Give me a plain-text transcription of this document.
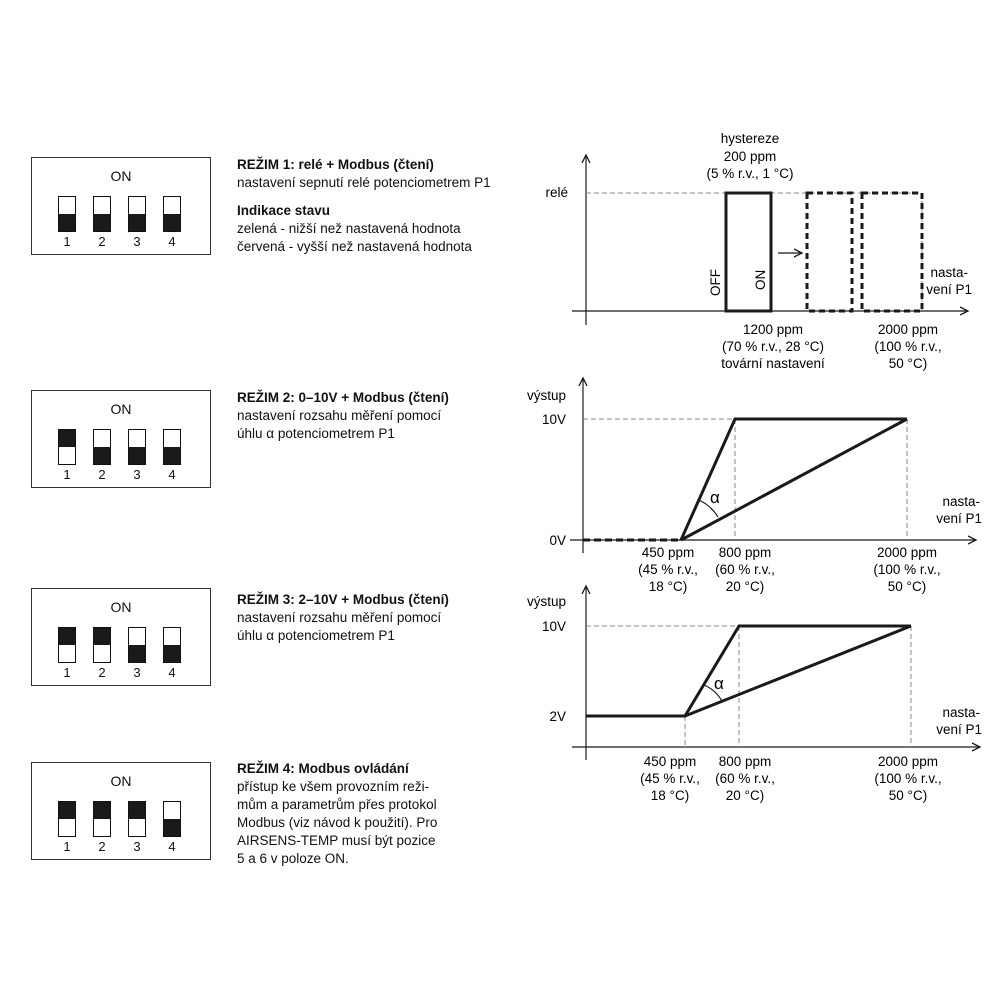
ON
1	2	3	4
ON
1	2	3	4
ON
1	2	3	4
ON
1	2	3	4
REŽIM 1: relé + Modbus (čtení)
nastavení sepnutí relé potenciometrem P1
Indikace stavu
zelená - nižší než nastavená hodnota
červená - vyšší než nastavená hodnota
REŽIM 2: 0–10V + Modbus (čtení)
nastavení rozsahu měření pomocí
úhlu α potenciometrem P1
REŽIM 3: 2–10V + Modbus (čtení)
nastavení rozsahu měření pomocí
úhlu α potenciometrem P1
REŽIM 4: Modbus ovládání
přístup ke všem provozním reži-
mům a parametrům přes protokol
Modbus (viz návod k použití). Pro
AIRSENS-TEMP musí být pozice
5 a 6 v poloze ON.
hystereze
200 ppm
(5 % r.v., 1 °C)
relé
OFF ON	nasta-
vení P1
1200 ppm
(70 % r.v., 28 °C)
tovární nastavení
2000 ppm
(100 % r.v.,
50 °C)
výstup
10V
0V
α	nasta-
vení P1
450 ppm
(45 % r.v.,
18 °C)
800 ppm
(60 % r.v.,
20 °C)
2000 ppm
(100 % r.v.,
50 °C)
výstup
10V
2V
α
nasta-
vení P1
450 ppm
(45 % r.v.,
18 °C)
800 ppm
(60 % r.v.,
20 °C)
2000 ppm
(100 % r.v.,
50 °C)
